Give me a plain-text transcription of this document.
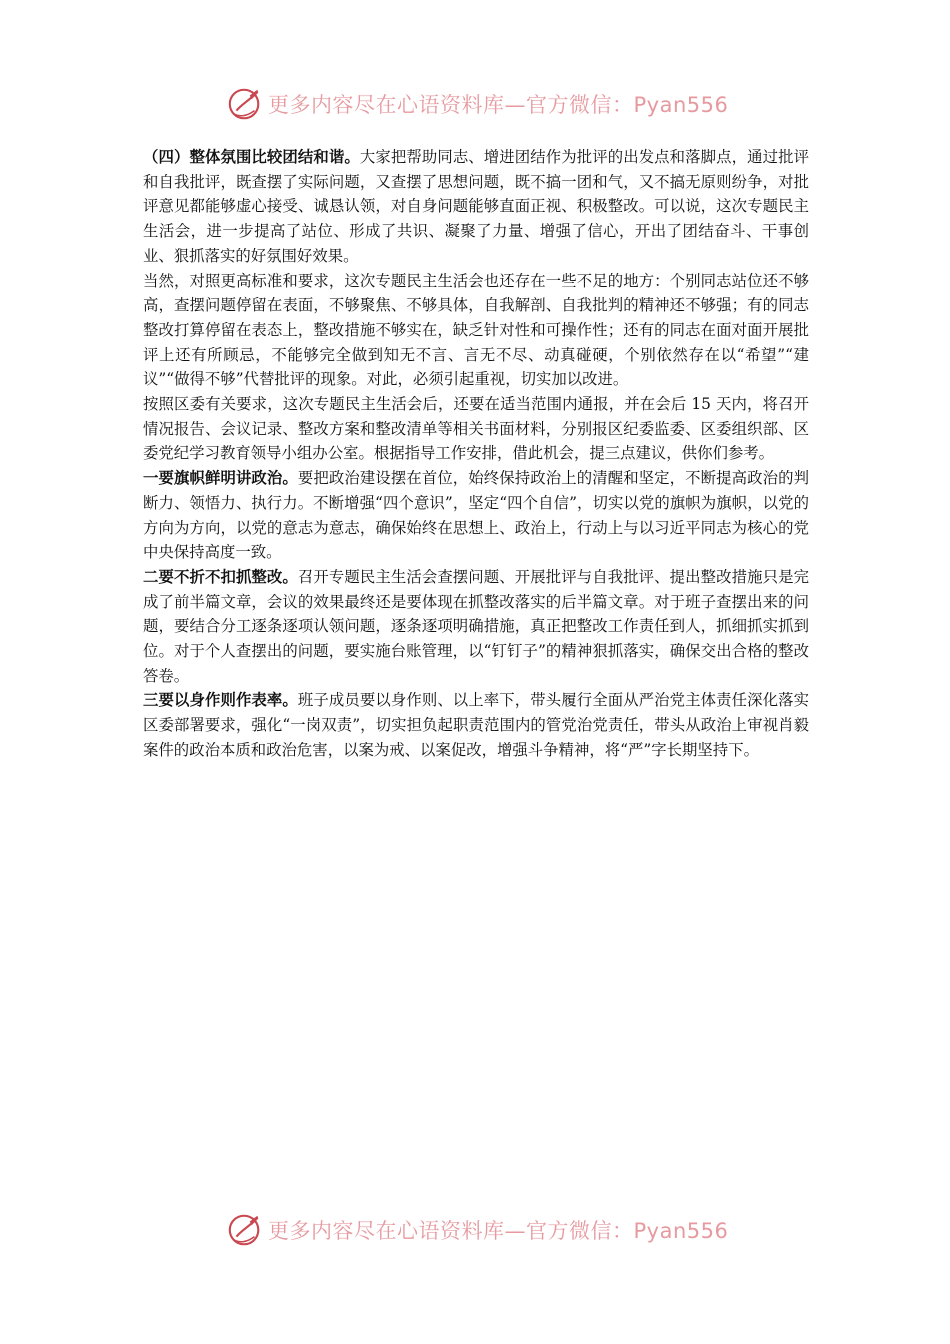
更多内容尽在心语资料库—官方微信：Pyan556

（四）整体氛围比较团结和谐。大家把帮助同志、增进团结作为批评的出发点和落脚点，通过批评和自我批评，既查摆了实际问题，又查摆了思想问题，既不搞一团和气，又不搞无原则纷争，对批评意见都能够虚心接受、诚恳认领，对自身问题能够直面正视、积极整改。可以说，这次专题民主生活会，进一步提高了站位、形成了共识、凝聚了力量、增强了信心，开出了团结奋斗、干事创业、狠抓落实的好氛围好效果。

当然，对照更高标准和要求，这次专题民主生活会也还存在一些不足的地方：个别同志站位还不够高，查摆问题停留在表面，不够聚焦、不够具体，自我解剖、自我批判的精神还不够强；有的同志整改打算停留在表态上，整改措施不够实在，缺乏针对性和可操作性；还有的同志在面对面开展批评上还有所顾忌，不能够完全做到知无不言、言无不尽、动真碰硬，个别依然存在以“希望”“建议”“做得不够”代替批评的现象。对此，必须引起重视，切实加以改进。

按照区委有关要求，这次专题民主生活会后，还要在适当范围内通报，并在会后 15 天内，将召开情况报告、会议记录、整改方案和整改清单等相关书面材料，分别报区纪委监委、区委组织部、区委党纪学习教育领导小组办公室。根据指导工作安排，借此机会，提三点建议，供你们参考。

一要旗帜鲜明讲政治。要把政治建设摆在首位，始终保持政治上的清醒和坚定，不断提高政治的判断力、领悟力、执行力。不断增强“四个意识”，坚定“四个自信”，切实以党的旗帜为旗帜，以党的方向为方向，以党的意志为意志，确保始终在思想上、政治上，行动上与以习近平同志为核心的党中央保持高度一致。

二要不折不扣抓整改。召开专题民主生活会查摆问题、开展批评与自我批评、提出整改措施只是完成了前半篇文章，会议的效果最终还是要体现在抓整改落实的后半篇文章。对于班子查摆出来的问题，要结合分工逐条逐项认领问题，逐条逐项明确措施，真正把整改工作责任到人，抓细抓实抓到位。对于个人查摆出的问题，要实施台账管理，以“钉钉子”的精神狠抓落实，确保交出合格的整改答卷。

三要以身作则作表率。班子成员要以身作则、以上率下，带头履行全面从严治党主体责任深化落实区委部署要求，强化“一岗双责”，切实担负起职责范围内的管党治党责任，带头从政治上审视肖毅案件的政治本质和政治危害，以案为戒、以案促改，增强斗争精神，将“严”字长期坚持下。

更多内容尽在心语资料库—官方微信：Pyan556
